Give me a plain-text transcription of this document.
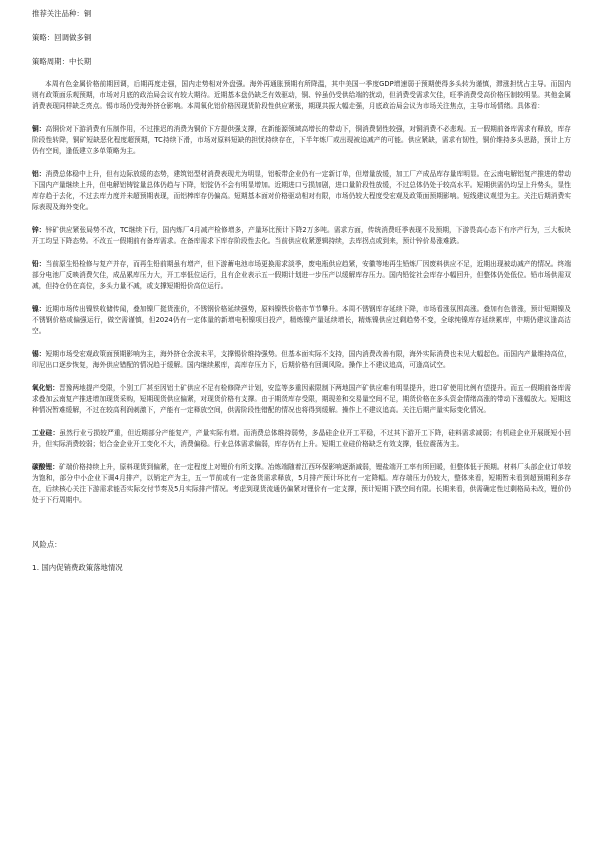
推荐关注品种：铜

策略：回调做多铜

策略周期：中长期

本周有色金属价格前期回调，后期再度走强，国内走势相对外盘强。海外再通胀预期有所降温，其中美国一季度GDP增速弱于预期使得多头转为谨慎，滞涨担忧占主导。而国内则有政策面乐观预期，市场对月底的政治局会议有较大期待。近期基本盘仍缺乏有效驱动，铜、锌虽仍受供给端的扰动，但消费受需求欠佳，旺季消费受高价格压制较明显。其他金属消费表现同样缺乏亮点。锡市场仍受海外挤仓影响。本周氧化铝价格因现货阶段性供应紧张，期现共振大幅走强，月底政治局会议为市场关注焦点，主导市场情绪。具体看：

铜：高铜价对下游消费有压制作用，不过推迟的消费为铜价下方提供强支撑，在新能源领域高增长的带动下，铜消费韧性较强，对铜消费不必悲观。五一假期前备库需求有释放，库存阶段性转降，铜矿短缺恶化程度超预期，TC持续下滑，市场对原料短缺的担忧持续存在，下半年炼厂或出现被迫减产的可能。供应紧缺，需求有韧性，铜价维持多头思路，预计上方仍有空间，逢低建立多单策略为主。

铝：消费总体稳中上升，但有边际放缓的态势，建筑铝型材消费表现尤为明显，铝板带企业仍有一定新订单，但增量放缓，加工厂产成品库存量库明显。在云南电解铝复产推进的带动下国内产量继续上升，但电解铝铸锭量总体仍趋与下降，铝锭仍不会有明显增加。近期进口亏损加剧，进口量阶段性放缓，不过总体仍处于较高水平。短期供需仍均呈上升势头，显性库存趋于去化，不过去库力度并未超预期表现，而铝棒库存仍偏高。短期基本面对价格驱动相对有限，市场仍较大程度受宏观及政策面预期影响。短线建议观望为主。关注后期消费实际表现及海外变化。

锌：锌矿供应紧张局势不改，TC继续下行，国内炼厂4月减产检修增多，产量环比预计下降2万多吨。需求方面，传统消费旺季表现不及预期，下游畏高心态下有序产行为，三大板块开工均呈下降态势。不改五一假期前有备库需求。在备库需求下库存阶段性去化。当前供应收紧逻辑持续，去库拐点或到来，预计锌价易涨难跌。

铅：当前原生铅检修与复产并存，而再生铅前期虽有增产，但下游蓄电池市场更换需求淡季，废电瓶供应趋紧，安徽等地再生铅炼厂因废料供应不足，近期出现被动减产的情况。终端部分电池厂反映消费欠佳，成品累库压力大，开工率低位运行，且有企业表示五一假期计划进一步压产以缓解库存压力。国内铅锭社会库存小幅回升，但整体仍处低位。铅市场供需双减，但持仓仍在高位，多头力量不减，或支撑短期铅价高位运行。

镍：近期市场传出镍铁收储传闻，叠加镍厂挺货涨价，不锈钢价格延续强势，原料镍铁价格亦节节攀升。本周不锈钢库存延续下降，市场看涨氛围高涨。叠加有色普涨，预计短期镍及不锈钢价格或偏强运行，做空需谨慎，但2024仍有一定体量的新增电积镍项目投产，精炼镍产量延续增长，精炼镍供应过剩趋势不变，全球纯镍库存延续累库，中期仍建议逢高沽空。

锡：短期市场受宏观政策面预期影响为主，海外挤仓余波未平，支撑锡价维持强势。但基本面实际不支持，国内消费改善有限，海外实际消费也未见大幅起色。而国内产量维持高位，印尼出口逐步恢复，海外供应错配的情况趋于缓解。国内继续累库，高库存压力下，后期价格有回调风险。操作上不建议追高，可逢高试空。

氧化铝：晋豫两地提产受限，个别工厂甚至因铝土矿供应不足有检修降产计划，安监等多重因素限制下两地国产矿供应难有明显提升，进口矿使用比例有望提升。而五一假期前备库需求叠加云南复产推进增加现货采购，短期现货供应偏紧，对现货价格有支撑。由于期货库存受限，期现差和交易量空间不足，期货价格在多头资金情绪高涨的带动下涨幅放大。短期这种情况暂难缓解，不过在较高利润刺激下，产能有一定释放空间，供需阶段性错配的情况也将得到缓解。操作上不建议追高。关注后期产量实际变化情况。

工业硅：虽然行业亏损较严重，但近期部分产能复产，产量实际有增。而消费总体维持弱势，多晶硅企业开工平稳，不过其下游开工下降，硅料需求减弱；有机硅企业开展既短小回升，但实际消费较弱；铝合金企业开工变化不大，消费偏稳。行业总体需求偏弱，库存仍有上升。短期工业硅价格缺乏有效支撑，低位震荡为主。

碳酸锂：矿端价格持续上升，原料现货到偏紧，在一定程度上对锂价有所支撑。冶炼端随着江西环保影响逐渐减弱，锂盐端开工率有所回暖，但整体低于预期。材料厂头部企业订单较为饱和，部分中小企业下调4月排产，以销定产为主，五一节前或有一定备货需求释放，5月排产预计环比有一定降幅。库存端压力仍较大，整体来看，短期暂未看到超预期利多存在，后续核心关注下游需求能否实际交付节奏及5月实际排产情况。考虑到现货流通仍偏紧对锂价有一定支撑，预计短期下跌空间有限。长期来看，供需确定性过剩格局未改，锂价仍处于下行周期中。

风险点：

1. 国内促销费政策落地情况
